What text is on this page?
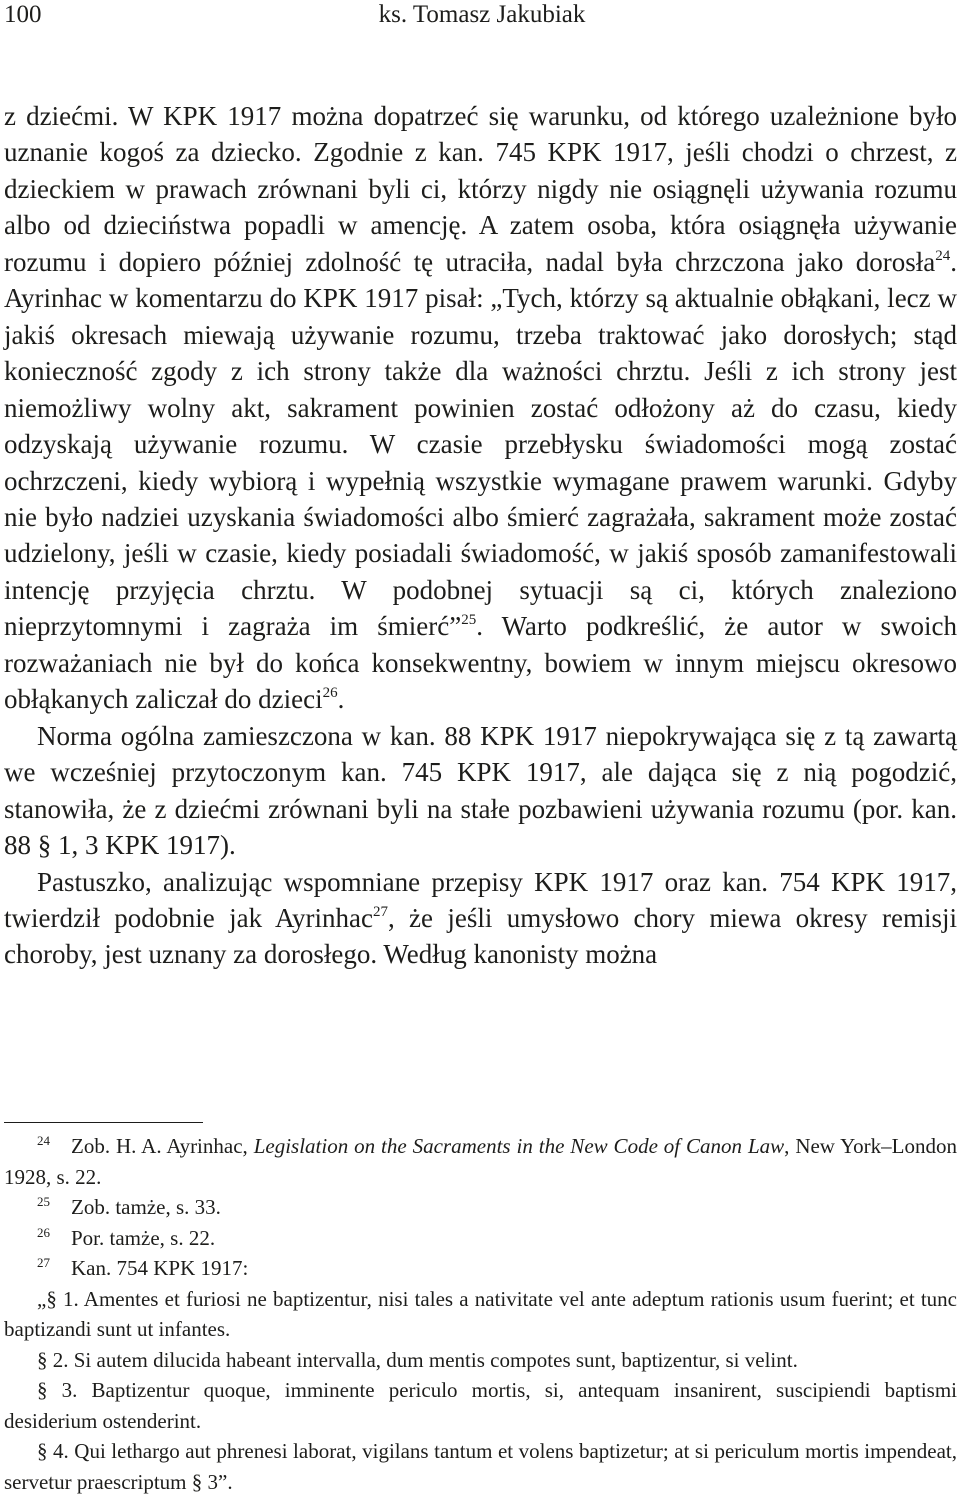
100	ks. Tomasz Jakubiak

z dziećmi. W KPK 1917 można dopatrzeć się warunku, od którego uzależnione było uznanie kogoś za dziecko. Zgodnie z kan. 745 KPK 1917, jeśli chodzi o chrzest, z dzieckiem w prawach zrównani byli ci, którzy nigdy nie osiągnęli używania rozumu albo od dzieciństwa popadli w amencję. A zatem osoba, która osiągnęła używanie rozumu i dopiero później zdolność tę utraciła, nadal była chrzczona jako dorosła$^{24}$. Ayrinhac w komentarzu do KPK 1917 pisał: „Tych, którzy są aktualnie obłąkani, lecz w jakiś okresach miewają używanie rozumu, trzeba traktować jako dorosłych; stąd konieczność zgody z ich strony także dla ważności chrztu. Jeśli z ich strony jest niemożliwy wolny akt, sakrament powinien zostać odłożony aż do czasu, kiedy odzyskają używanie rozumu. W czasie przebłysku świadomości mogą zostać ochrzczeni, kiedy wybiorą i wypełnią wszystkie wymagane prawem warunki. Gdyby nie było nadziei uzyskania świadomości albo śmierć zagrażała, sakrament może zostać udzielony, jeśli w czasie, kiedy posiadali świadomość, w jakiś sposób zamanifestowali intencję przyjęcia chrztu. W podobnej sytuacji są ci, których znaleziono nieprzytomnymi i zagraża im śmierć”$^{25}$. Warto podkreślić, że autor w swoich rozważaniach nie był do końca konsekwentny, bowiem w innym miejscu okresowo obłąkanych zaliczał do dzieci$^{26}$.

Norma ogólna zamieszczona w kan. 88 KPK 1917 niepokrywająca się z tą zawartą we wcześniej przytoczonym kan. 745 KPK 1917, ale dająca się z nią pogodzić, stanowiła, że z dziećmi zrównani byli na stałe pozbawieni używania rozumu (por. kan. 88 § 1, 3 KPK 1917).

Pastuszko, analizując wspomniane przepisy KPK 1917 oraz kan. 754 KPK 1917, twierdził podobnie jak Ayrinhac$^{27}$, że jeśli umysłowo chory miewa okresy remisji choroby, jest uznany za dorosłego. Według kanonisty można

$^{24}$ Zob. H. A. Ayrinhac, Legislation on the Sacraments in the New Code of Canon Law, New York–London 1928, s. 22.

$^{25}$ Zob. tamże, s. 33.

$^{26}$ Por. tamże, s. 22.

$^{27}$ Kan. 754 KPK 1917:

„§ 1. Amentes et furiosi ne baptizentur, nisi tales a nativitate vel ante adeptum rationis usum fuerint; et tunc baptizandi sunt ut infantes.

§ 2. Si autem dilucida habeant intervalla, dum mentis compotes sunt, baptizentur, si velint.

§ 3. Baptizentur quoque, imminente periculo mortis, si, antequam insanirent, suscipiendi baptismi desiderium ostenderint.

§ 4. Qui lethargo aut phrenesi laborat, vigilans tantum et volens baptizetur; at si periculum mortis impendeat, servetur praescriptum § 3”.
